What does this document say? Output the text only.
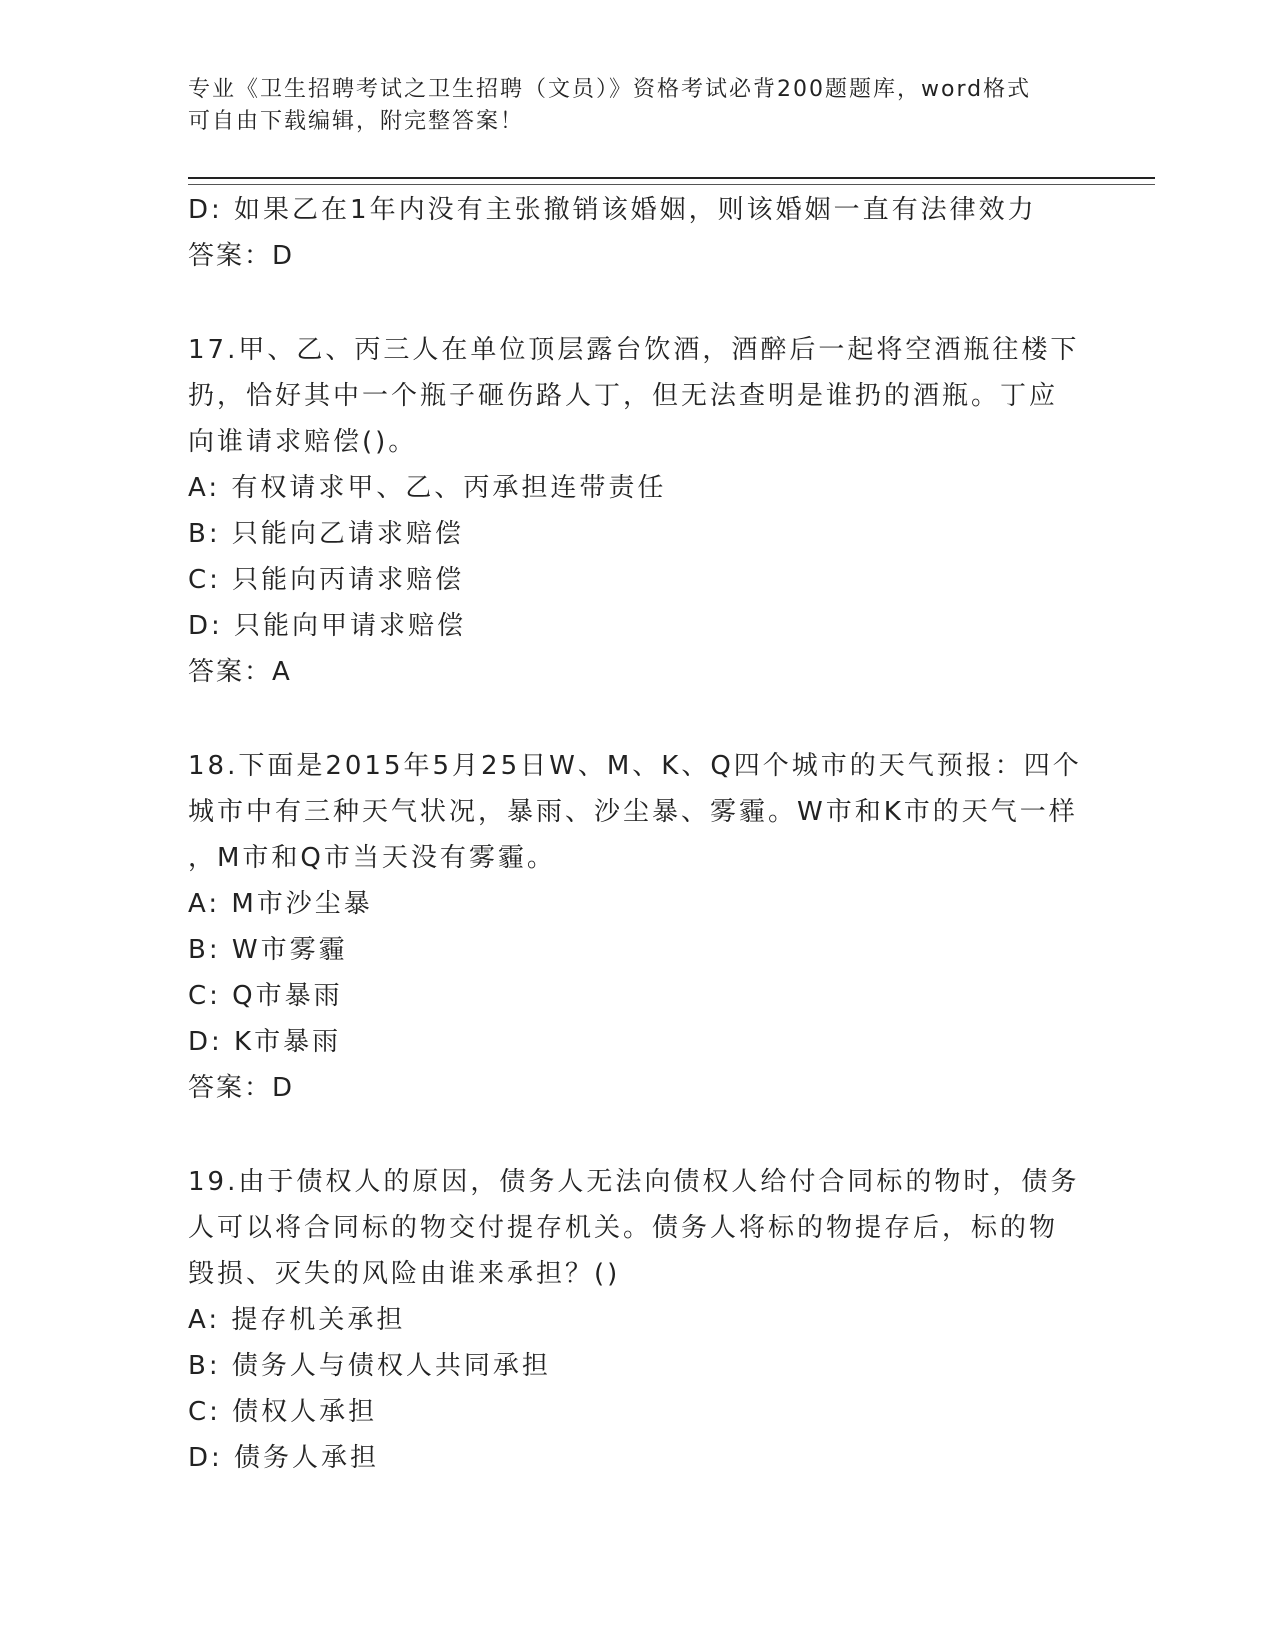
专业《卫生招聘考试之卫生招聘（文员）》资格考试必背200题题库，word格式
可自由下载编辑，附完整答案！
D: 如果乙在1年内没有主张撤销该婚姻，则该婚姻一直有法律效力
答案：D
17.甲、乙、丙三人在单位顶层露台饮酒，酒醉后一起将空酒瓶往楼下
扔，恰好其中一个瓶子砸伤路人丁，但无法查明是谁扔的酒瓶。丁应
向谁请求赔偿()。
A: 有权请求甲、乙、丙承担连带责任
B: 只能向乙请求赔偿
C: 只能向丙请求赔偿
D: 只能向甲请求赔偿
答案：A
18.下面是2015年5月25日W、M、K、Q四个城市的天气预报：四个
城市中有三种天气状况，暴雨、沙尘暴、雾霾。W市和K市的天气一样
，M市和Q市当天没有雾霾。
A: M市沙尘暴
B: W市雾霾
C: Q市暴雨
D: K市暴雨
答案：D
19.由于债权人的原因，债务人无法向债权人给付合同标的物时，债务
人可以将合同标的物交付提存机关。债务人将标的物提存后，标的物
毁损、灭失的风险由谁来承担？()
A: 提存机关承担
B: 债务人与债权人共同承担
C: 债权人承担
D: 债务人承担
